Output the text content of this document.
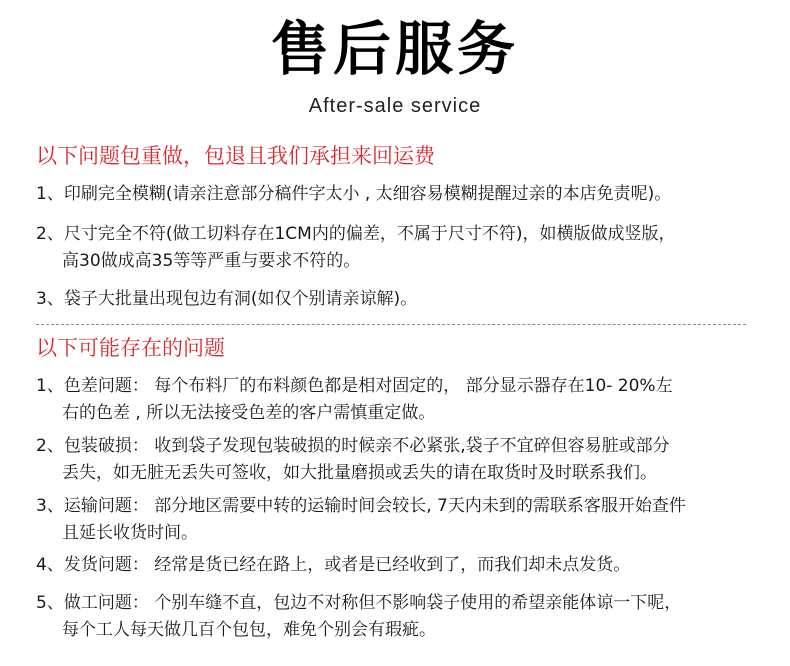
售后服务
After-sale service
以下问题包重做，包退且我们承担来回运费
1、印刷完全模糊(请亲注意部分稿件字太小 , 太细容易模糊提醒过亲的本店免责呢)。
2、尺寸完全不符(做工切料存在1CM内的偏差，不属于尺寸不符)，如横版做成竖版，
高30做成高35等等严重与要求不符的。
3、袋子大批量出现包边有洞(如仅个别请亲谅解)。
以下可能存在的问题
1、色差问题： 每个布料厂的布料颜色都是相对固定的， 部分显示器存在10- 20%左
右的色差 , 所以无法接受色差的客户需慎重定做。
2、包装破损： 收到袋子发现包装破损的时候亲不必紧张,袋子不宜碎但容易脏或部分
丢失，如无脏无丢失可签收，如大批量磨损或丢失的请在取货时及时联系我们。
3、运输问题： 部分地区需要中转的运输时间会较长, 7天内未到的需联系客服开始查件
且延长收货时间。
4、发货问题： 经常是货已经在路上，或者是已经收到了，而我们却未点发货。
5、做工问题： 个别车缝不直，包边不对称但不影响袋子使用的希望亲能体谅一下呢，
每个工人每天做几百个包包，难免个别会有瑕疵。
